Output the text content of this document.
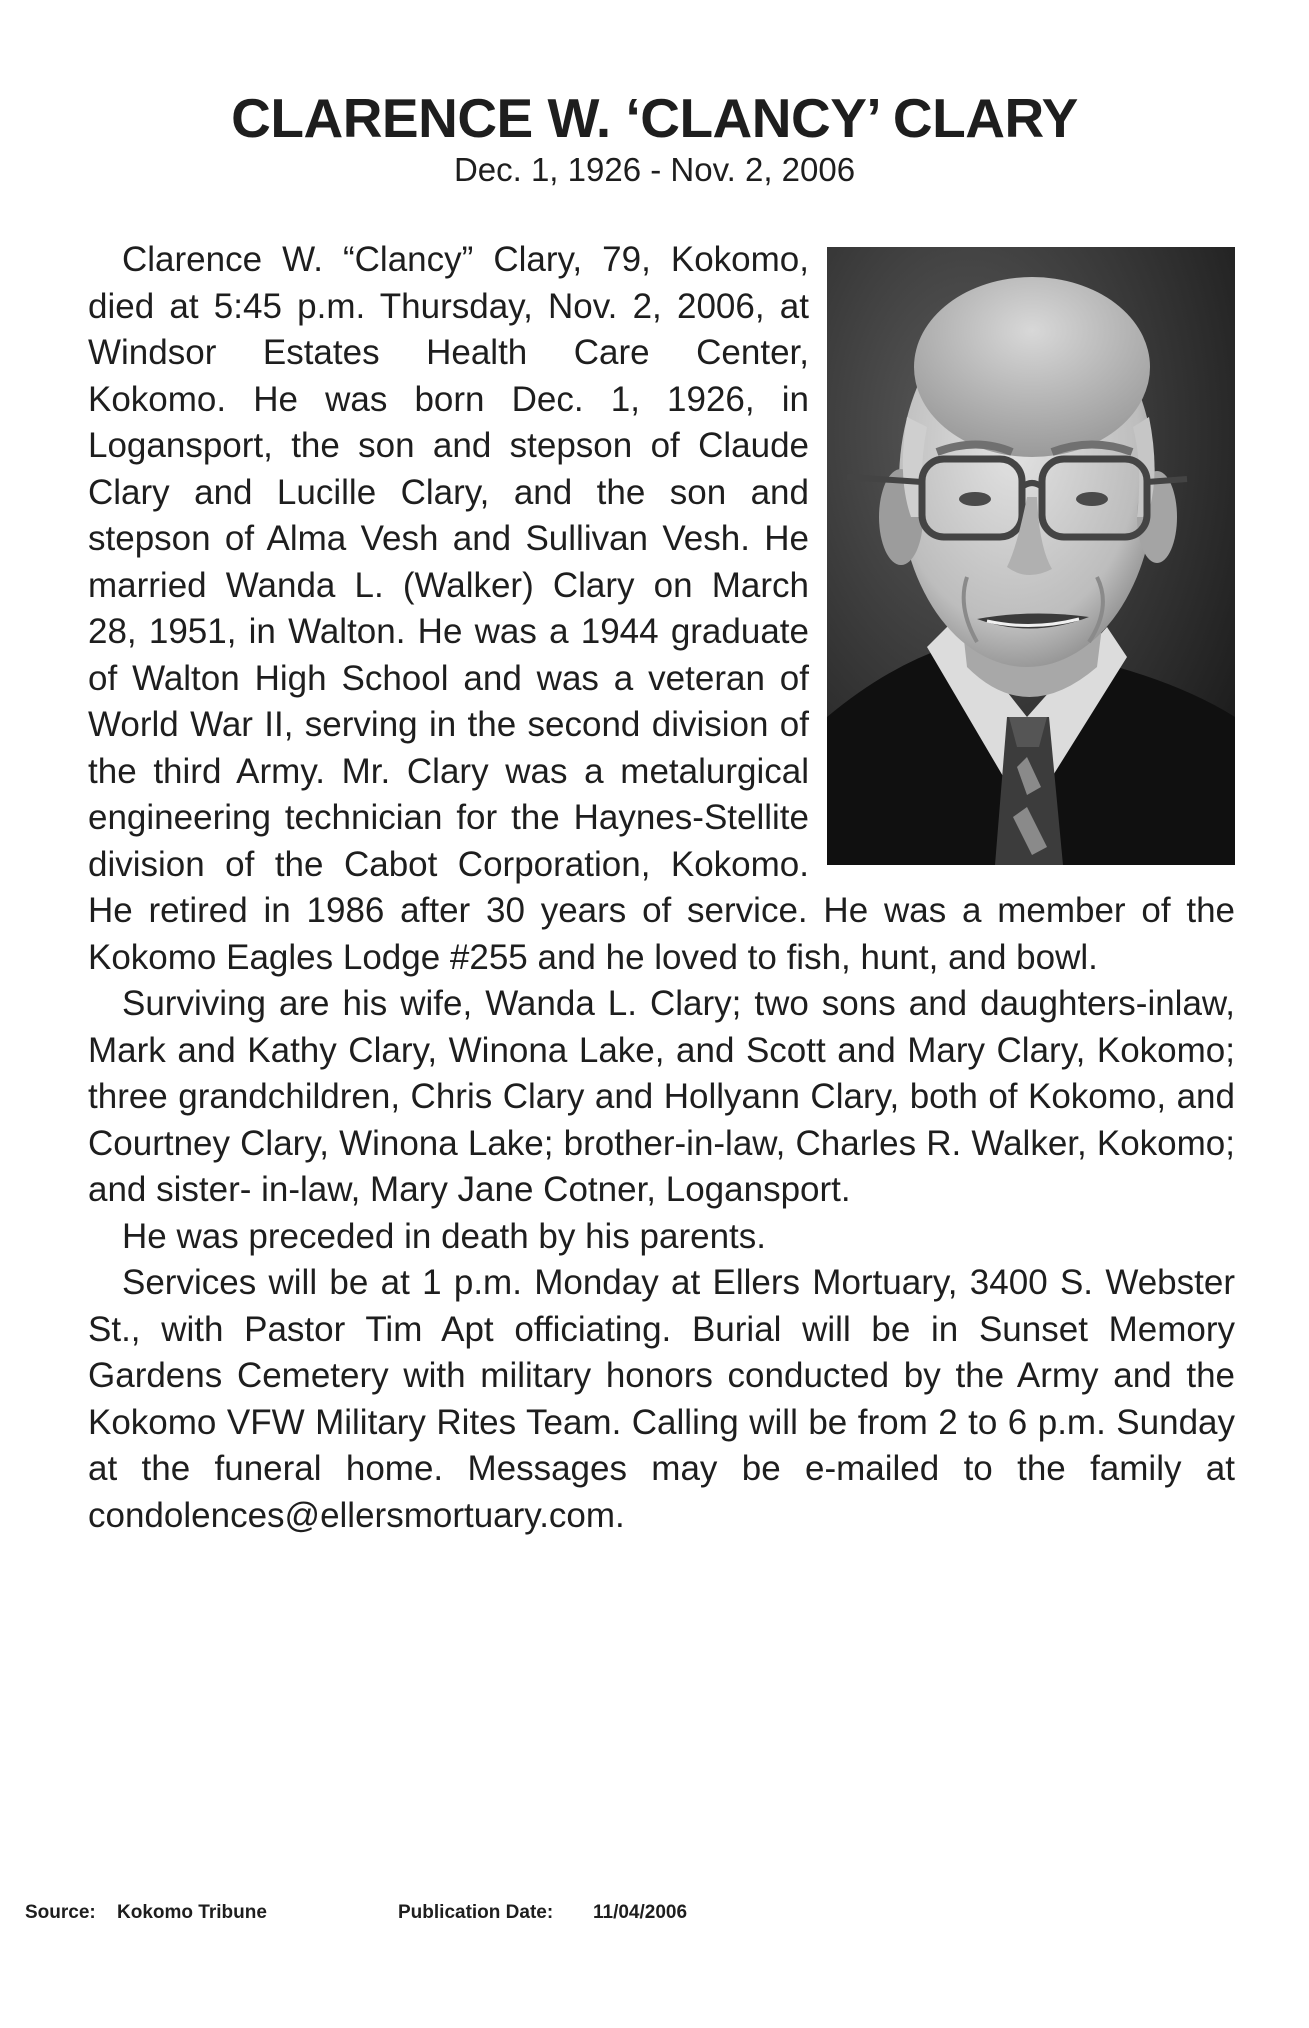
CLARENCE W. ‘CLANCY’ CLARY
Dec. 1, 1926 - Nov. 2, 2006

Clarence W. “Clancy” Clary, 79, Kokomo, died at 5:45 p.m. Thursday, Nov. 2, 2006, at Windsor Estates Health Care Center, Kokomo. He was born Dec. 1, 1926, in Logansport, the son and stepson of Claude Clary and Lucille Clary, and the son and stepson of Alma Vesh and Sullivan Vesh. He married Wanda L. (Walker) Clary on March 28, 1951, in Walton. He was a 1944 graduate of Walton High School and was a veteran of World War II, serving in the second division of the third Army. Mr. Clary was a metalurgical engineering technician for the Haynes-Stellite division of the Cabot Corporation, Kokomo. He retired in 1986 after 30 years of service. He was a member of the Kokomo Eagles Lodge #255 and he loved to fish, hunt, and bowl.

Surviving are his wife, Wanda L. Clary; two sons and daughters-inlaw, Mark and Kathy Clary, Winona Lake, and Scott and Mary Clary, Kokomo; three grandchildren, Chris Clary and Hollyann Clary, both of Kokomo, and Courtney Clary, Winona Lake; brother-in-law, Charles R. Walker, Kokomo; and sister- in-law, Mary Jane Cotner, Logansport.

He was preceded in death by his parents.

Services will be at 1 p.m. Monday at Ellers Mortuary, 3400 S. Webster St., with Pastor Tim Apt officiating. Burial will be in Sunset Memory Gardens Cemetery with military honors conducted by the Army and the Kokomo VFW Military Rites Team. Calling will be from 2 to 6 p.m. Sunday at the funeral home. Messages may be e-mailed to the family at condolences@ellersmortuary.com.

Source: Kokomo Tribune	Publication Date: 11/04/2006
